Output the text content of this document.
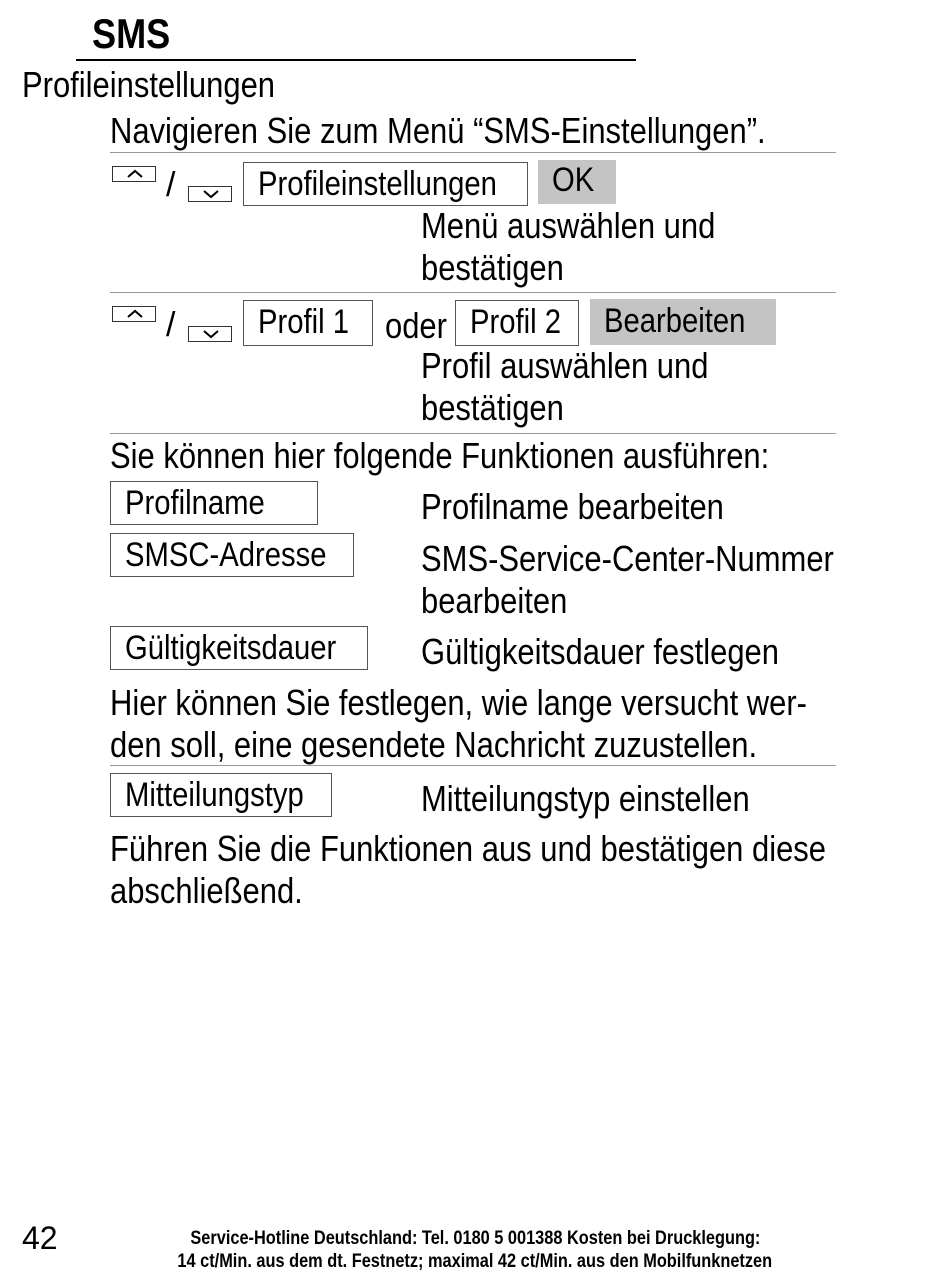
SMS
Profileinstellungen
Navigieren Sie zum Menü “SMS-Einstellungen”.
/	Profileinstellungen	OK
Menü auswählen und
bestätigen
/	Profil 1 oder Profil 2	Bearbeiten
Profil auswählen und
bestätigen
Sie können hier folgende Funktionen ausführen:
Profilname	Profilname bearbeiten
SMSC-Adresse	SMS-Service-Center-Nummer
bearbeiten
Gültigkeitsdauer	Gültigkeitsdauer festlegen
Hier können Sie festlegen, wie lange versucht wer-
den soll, eine gesendete Nachricht zuzustellen.
Mitteilungstyp	Mitteilungstyp einstellen
Führen Sie die Funktionen aus und bestätigen diese
abschließend.
42	Service-Hotline Deutschland: Tel. 0180 5 001388 Kosten bei Drucklegung:
14 ct/Min. aus dem dt. Festnetz; maximal 42 ct/Min. aus den Mobilfunknetzen
